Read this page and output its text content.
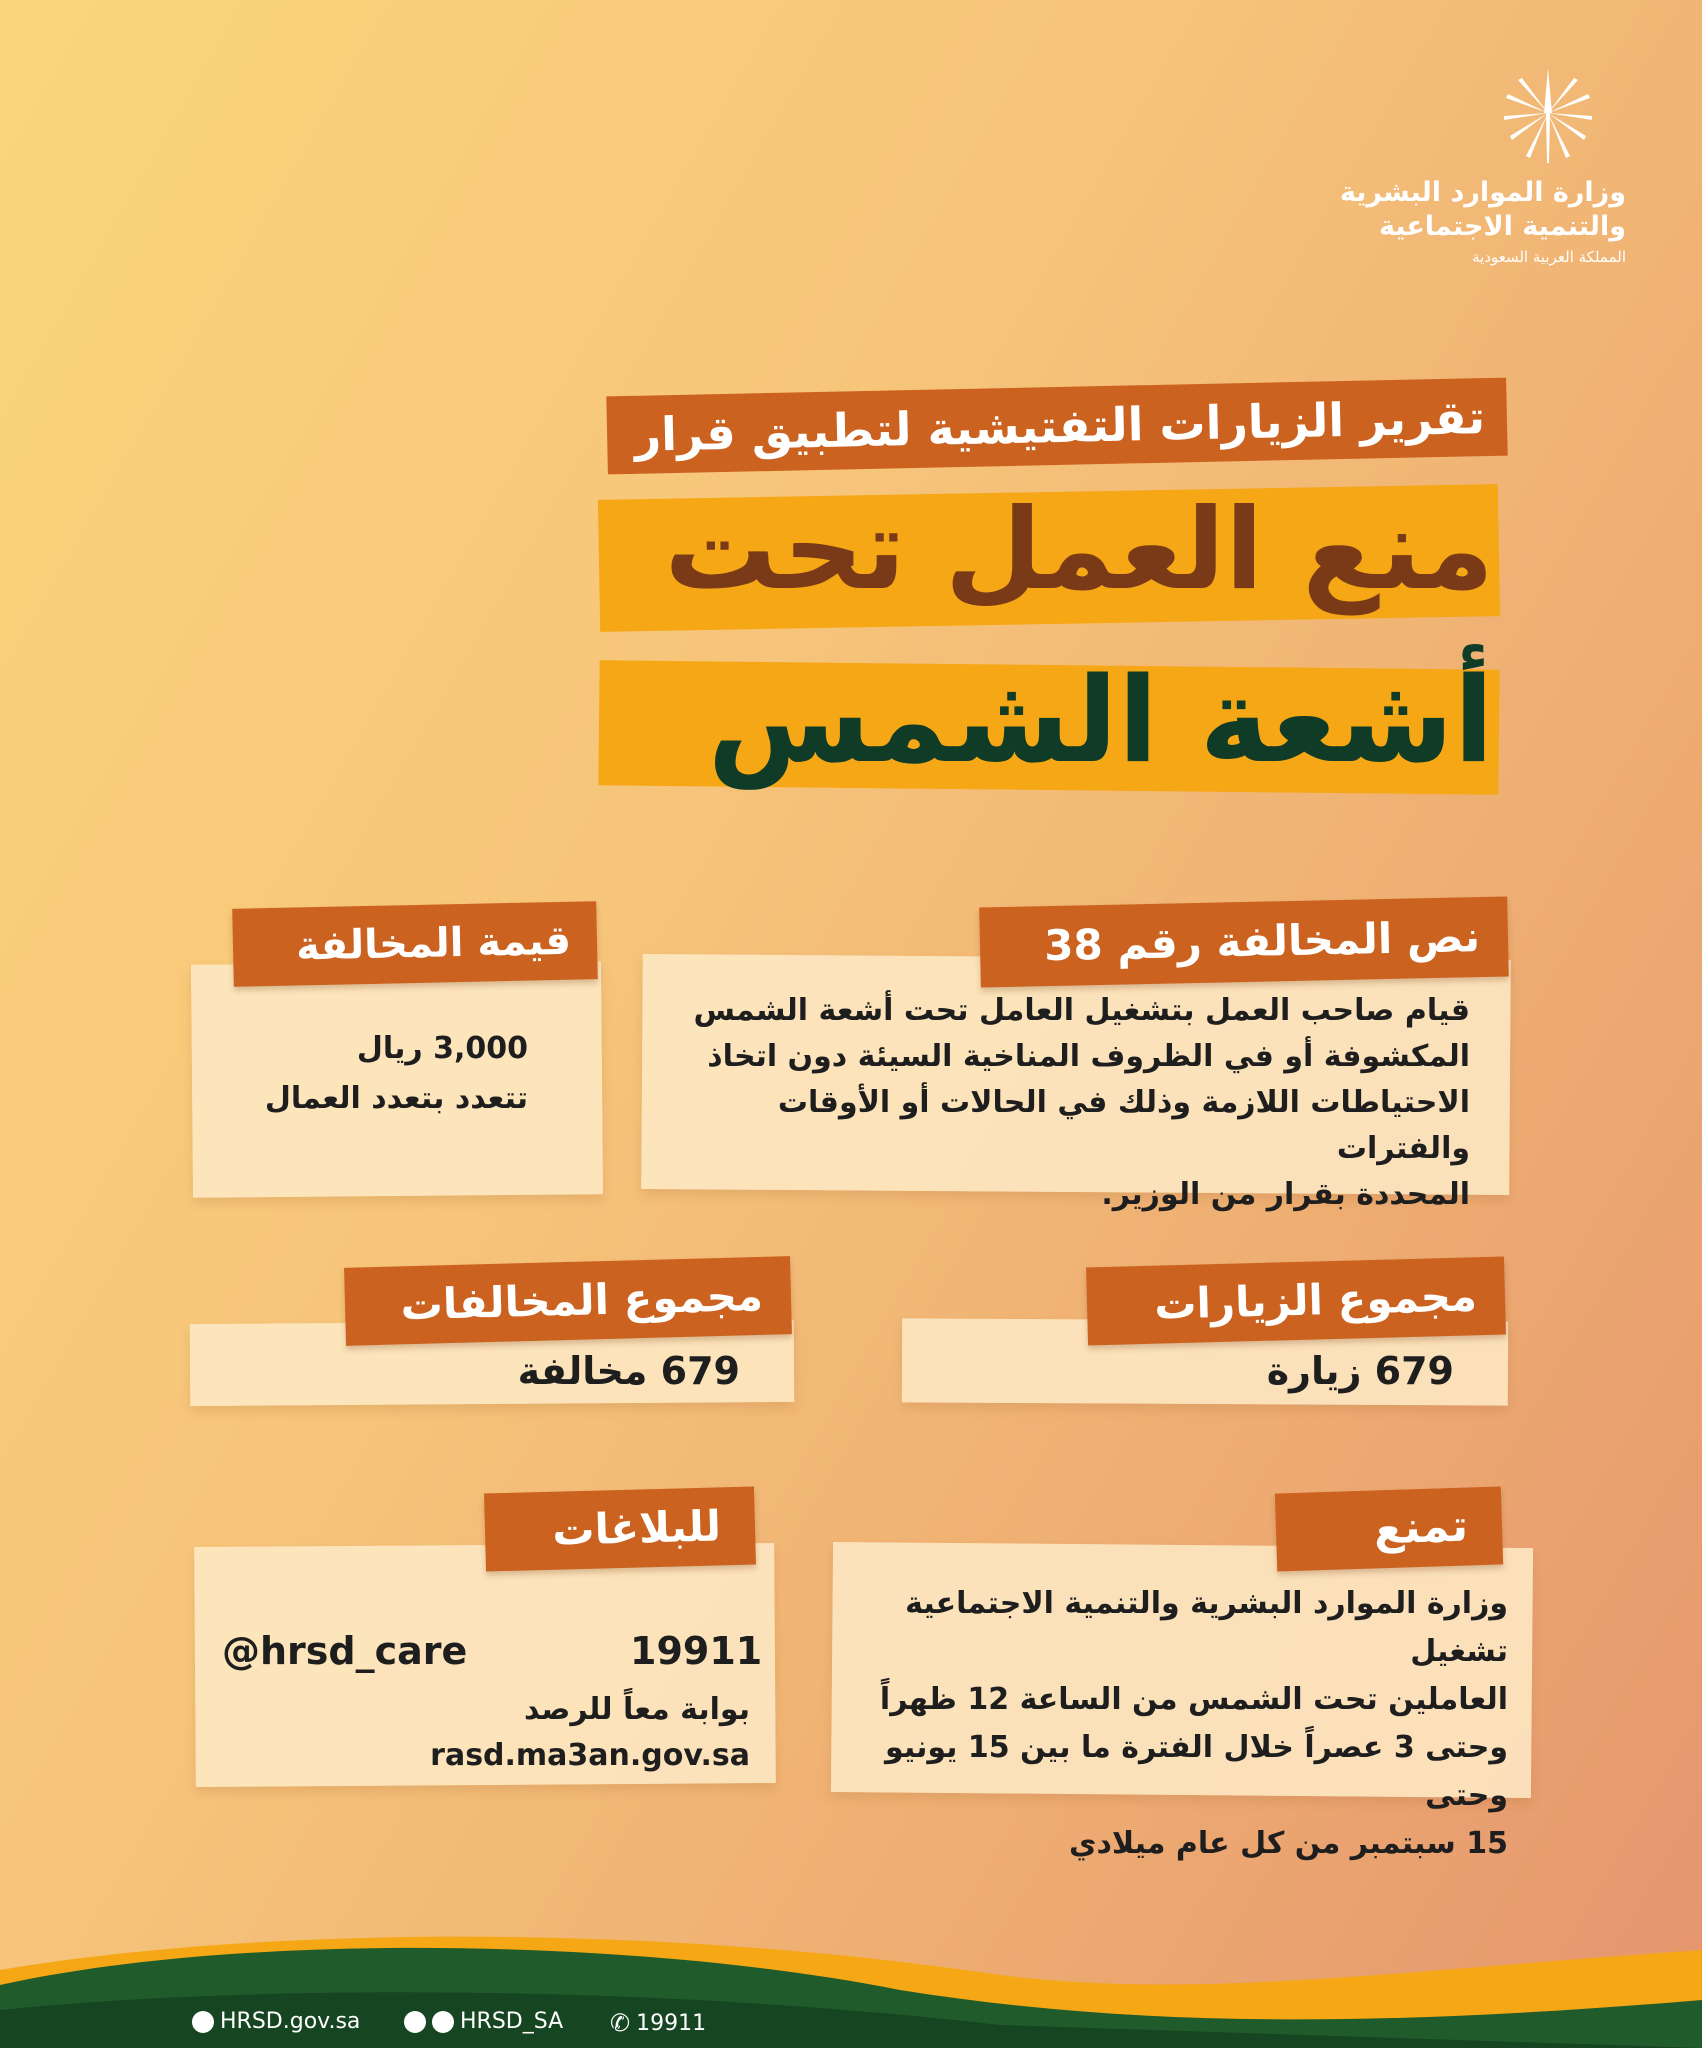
وزارة الموارد البشرية
والتنمية الاجتماعية
المملكة العربية السعودية
تقرير الزيارات التفتيشية لتطبيق قرار
منع العمل تحت
أشعة الشمس
قيمة المخالفة
3,000 ريال
تتعدد بتعدد العمال
نص المخالفة رقم 38
قيام صاحب العمل بتشغيل العامل تحت أشعة الشمس
المكشوفة أو في الظروف المناخية السيئة دون اتخاذ
الاحتياطات اللازمة وذلك في الحالات أو الأوقات والفترات
المحددة بقرار من الوزير.
مجموع المخالفات
679 مخالفة
مجموع الزيارات
679 زيارة
للبلاغات
@hrsd_care	19911
بوابة معاً للرصد rasd.ma3an.gov.sa
تمنع
وزارة الموارد البشرية والتنمية الاجتماعية تشغيل
العاملين تحت الشمس من الساعة 12 ظهراً
وحتى 3 عصراً خلال الفترة ما بين 15 يونيو وحتى
15 سبتمبر من كل عام ميلادي
HRSD.gov.sa	HRSD_SA ✆ 19911
